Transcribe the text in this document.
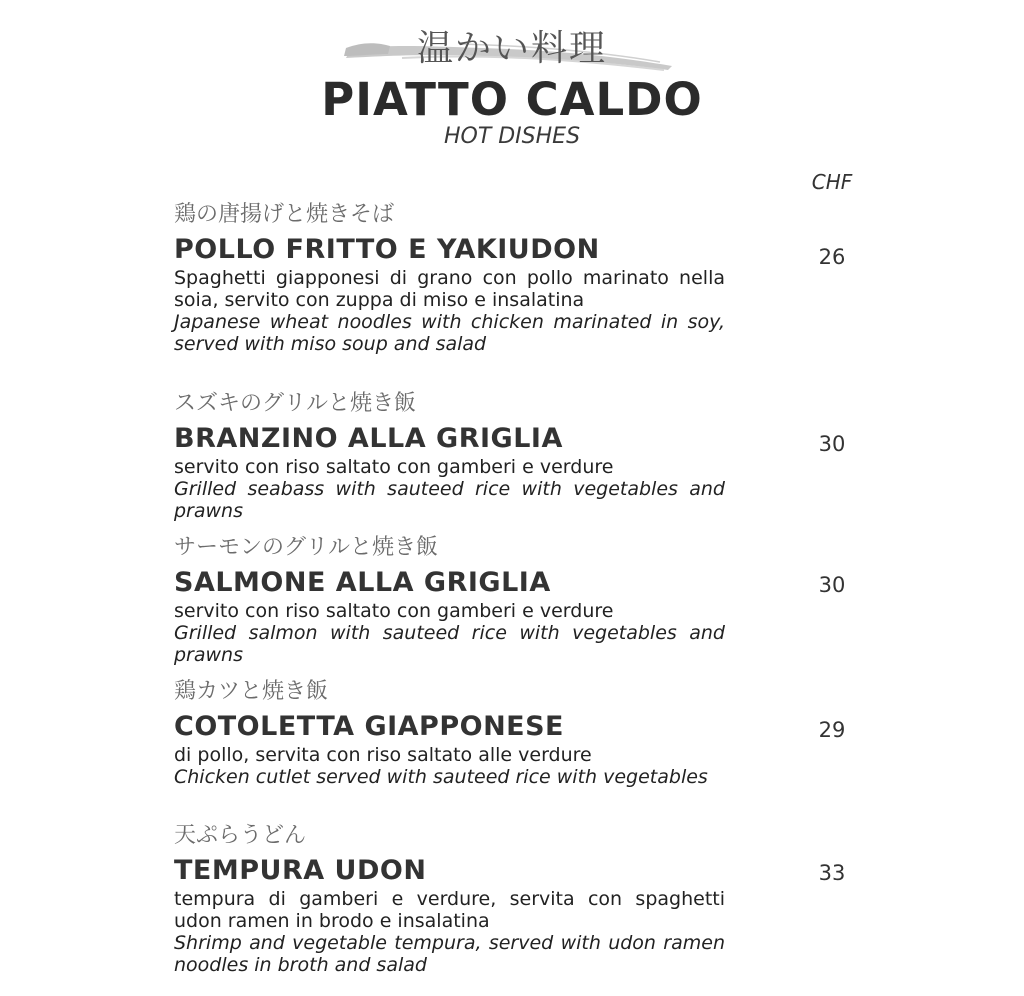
温かい料理
PIATTO CALDO
HOT DISHES
CHF
鶏の唐揚げと焼きそば
POLLO FRITTO E YAKIUDON
Spaghetti giapponesi di grano con pollo marinato nella soia, servito con zuppa di miso e insalatina
Japanese wheat noodles with chicken marinated in soy, served with miso soup and salad
26
スズキのグリルと焼き飯
BRANZINO ALLA GRIGLIA
servito con riso saltato con gamberi e verdure
Grilled seabass with sauteed rice with vegetables and prawns
30
サーモンのグリルと焼き飯
SALMONE ALLA GRIGLIA
servito con riso saltato con gamberi e verdure
Grilled salmon with sauteed rice with vegetables and prawns
30
鶏カツと焼き飯
COTOLETTA GIAPPONESE
di pollo, servita con riso saltato alle verdure
Chicken cutlet served with sauteed rice with vegetables
29
天ぷらうどん
TEMPURA UDON
tempura di gamberi e verdure, servita con spaghetti udon ramen in brodo e insalatina
Shrimp and vegetable tempura, served with udon ramen noodles in broth and salad
33
